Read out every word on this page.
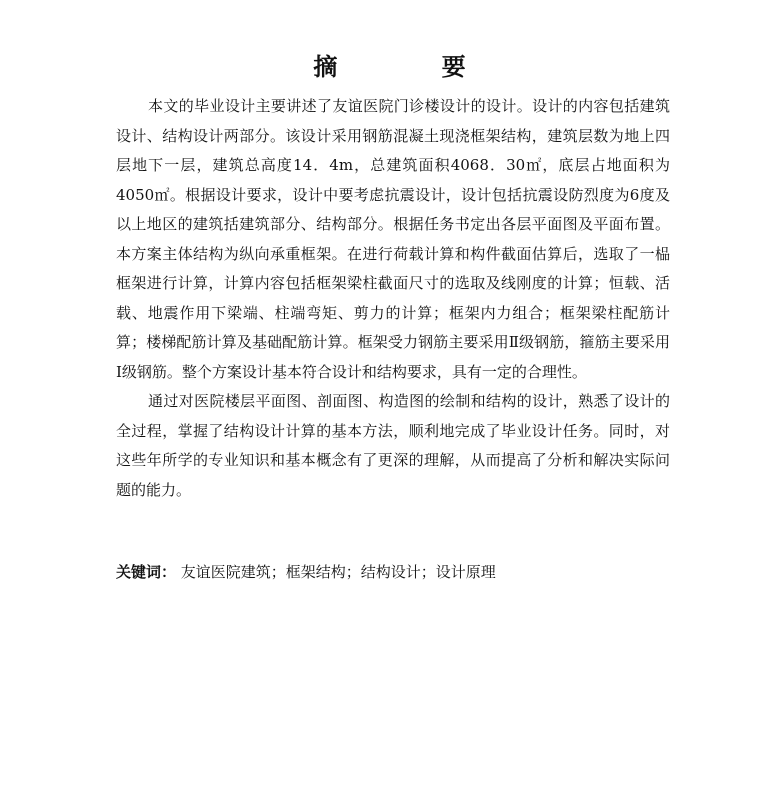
摘 要

本文的毕业设计主要讲述了友谊医院门诊楼设计的设计。设计的内容包括建筑设计、结构设计两部分。该设计采用钢筋混凝土现浇框架结构，建筑层数为地上四层地下一层，建筑总高度14．4m，总建筑面积4068．30㎡，底层占地面积为4050㎡。根据设计要求，设计中要考虑抗震设计，设计包括抗震设防烈度为6度及以上地区的建筑括建筑部分、结构部分。根据任务书定出各层平面图及平面布置。本方案主体结构为纵向承重框架。在进行荷载计算和构件截面估算后，选取了一榀框架进行计算，计算内容包括框架梁柱截面尺寸的选取及线刚度的计算；恒载、活载、地震作用下梁端、柱端弯矩、剪力的计算；框架内力组合；框架梁柱配筋计算；楼梯配筋计算及基础配筋计算。框架受力钢筋主要采用Ⅱ级钢筋，箍筋主要采用Ⅰ级钢筋。整个方案设计基本符合设计和结构要求，具有一定的合理性。

通过对医院楼层平面图、剖面图、构造图的绘制和结构的设计，熟悉了设计的全过程，掌握了结构设计计算的基本方法，顺利地完成了毕业设计任务。同时，对这些年所学的专业知识和基本概念有了更深的理解，从而提高了分析和解决实际问题的能力。

关键词： 友谊医院建筑；框架结构；结构设计；设计原理
